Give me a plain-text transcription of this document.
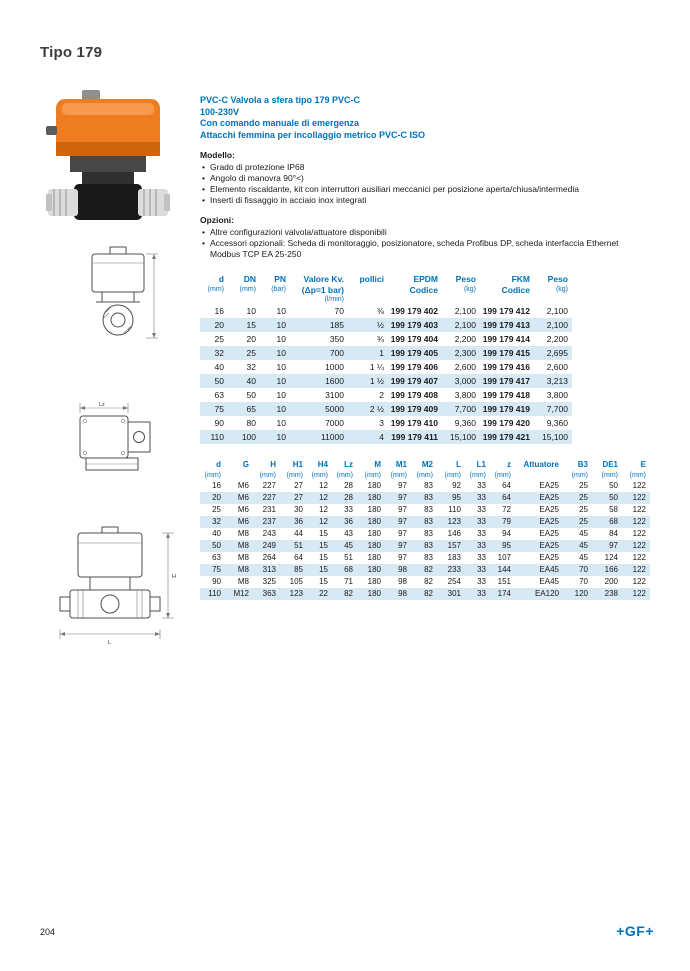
Tipo 179
Lz
H
L
PVC-C Valvola a sfera tipo 179 PVC-C
100-230V
Con comando manuale di emergenza
Attacchi femmina per incollaggio metrico PVC-C ISO
Modello:
• Grado di protezione IP68
• Angolo di manovra 90°<)
• Elemento riscaldante, kit con interruttori ausiliari meccanici per posizione aperta/chiusa/intermedia
• Inserti di fissaggio in acciaio inox integrati
Opzioni:
• Altre configurazioni valvola/attuatore disponibili
• Accessori opzionali: Scheda di monitoraggio, posizionatore, scheda Profibus DP, scheda interfaccia Ethernet Modbus TCP EA 25-250
d	DN	PN	Valore Kv.	pollici	EPDM	Peso	FKM	Peso
(mm)	(mm)	(bar)	(Δp=1 bar)		Codice	(kg)	Codice	(kg)
			(l/min)					
16	10	10	70	⅜	199 179 402	2,100	199 179 412	2,100
20	15	10	185	½	199 179 403	2,100	199 179 413	2,100
25	20	10	350	¾	199 179 404	2,200	199 179 414	2,200
32	25	10	700	1	199 179 405	2,300	199 179 415	2,695
40	32	10	1000	1 ¼	199 179 406	2,600	199 179 416	2,600
50	40	10	1600	1 ½	199 179 407	3,000	199 179 417	3,213
63	50	10	3100	2	199 179 408	3,800	199 179 418	3,800
75	65	10	5000	2 ½	199 179 409	7,700	199 179 419	7,700
90	80	10	7000	3	199 179 410	9,360	199 179 420	9,360
110	100	10	11000	4	199 179 411	15,100	199 179 421	15,100
d	G	H	H1	H4	Lz	M	M1	M2	L	L1	z	Attuatore	B3	DE1	E
(mm)		(mm)	(mm)	(mm)	(mm)	(mm)	(mm)	(mm)	(mm)	(mm)	(mm)		(mm)	(mm)	(mm)
16	M6	227	27	12	28	180	97	83	92	33	64	EA25	25	50	122
20	M6	227	27	12	28	180	97	83	95	33	64	EA25	25	50	122
25	M6	231	30	12	33	180	97	83	110	33	72	EA25	25	58	122
32	M6	237	36	12	36	180	97	83	123	33	79	EA25	25	68	122
40	M8	243	44	15	43	180	97	83	146	33	94	EA25	45	84	122
50	M8	249	51	15	45	180	97	83	157	33	95	EA25	45	97	122
63	M8	264	64	15	51	180	97	83	183	33	107	EA25	45	124	122
75	M8	313	85	15	68	180	98	82	233	33	144	EA45	70	166	122
90	M8	325	105	15	71	180	98	82	254	33	151	EA45	70	200	122
110	M12	363	123	22	82	180	98	82	301	33	174	EA120	120	238	122
204	+GF+
